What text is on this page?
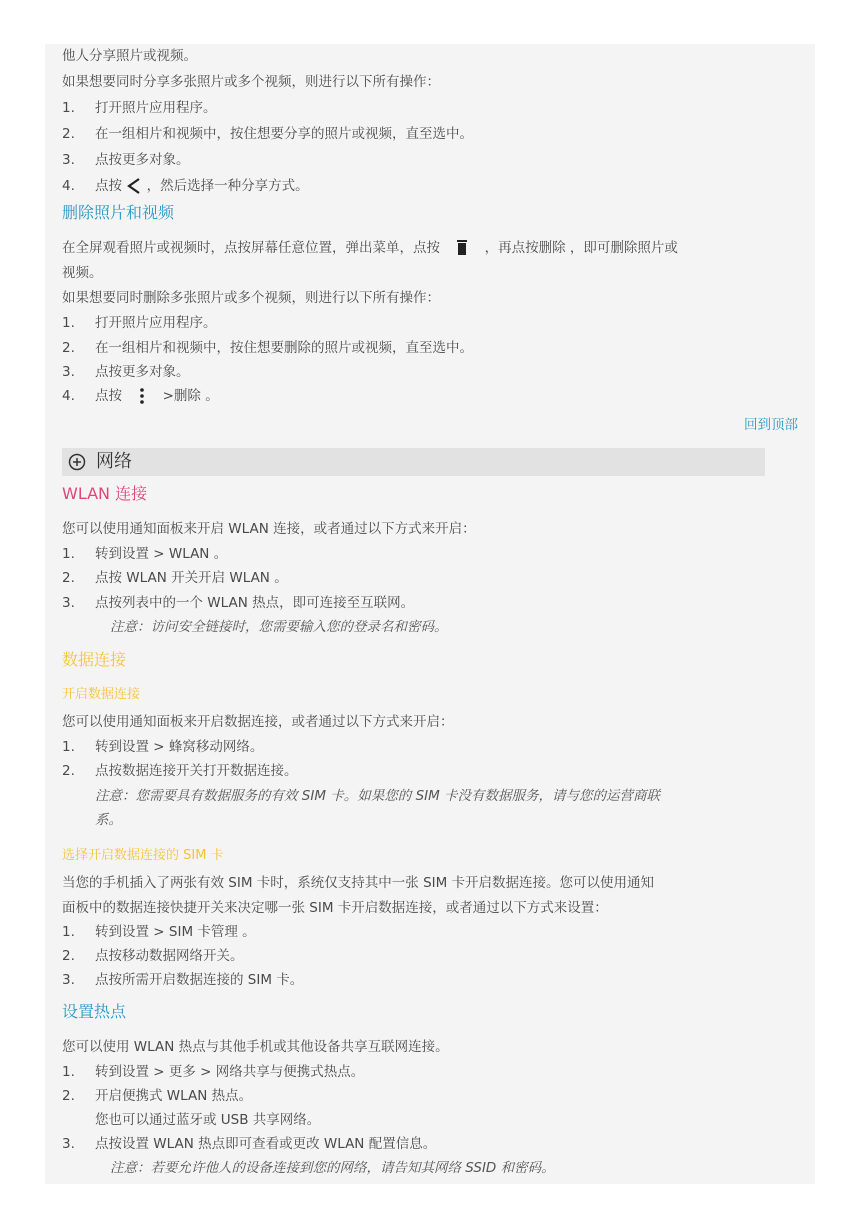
他人分享照片或视频。
如果想要同时分享多张照片或多个视频，则进行以下所有操作：
1. 打开照片应用程序。
2. 在一组相片和视频中，按住想要分享的照片或视频，直至选中。
3. 点按更多对象。
4. 点按 ，然后选择一种分享方式。
删除照片和视频
在全屏观看照片或视频时，点按屏幕任意位置，弹出菜单，点按	，再点按删除 ，即可删除照片或
视频。
如果想要同时删除多张照片或多个视频，则进行以下所有操作：
1. 打开照片应用程序。
2. 在一组相片和视频中，按住想要删除的照片或视频，直至选中。
3. 点按更多对象。
4. 点按	>删除 。
回到顶部
网络
WLAN 连接
您可以使用通知面板来开启 WLAN 连接，或者通过以下方式来开启：
1. 转到设置 > WLAN 。
2. 点按 WLAN 开关开启 WLAN 。
3. 点按列表中的一个 WLAN 热点，即可连接至互联网。
注意：访问安全链接时，您需要输入您的登录名和密码。
数据连接
开启数据连接
您可以使用通知面板来开启数据连接，或者通过以下方式来开启：
1. 转到设置 > 蜂窝移动网络。
2. 点按数据连接开关打开数据连接。
注意：您需要具有数据服务的有效 SIM 卡。如果您的 SIM 卡没有数据服务，请与您的运营商联
系。
选择开启数据连接的 SIM 卡
当您的手机插入了两张有效 SIM 卡时，系统仅支持其中一张 SIM 卡开启数据连接。您可以使用通知
面板中的数据连接快捷开关来决定哪一张 SIM 卡开启数据连接，或者通过以下方式来设置：
1. 转到设置 > SIM 卡管理 。
2. 点按移动数据网络开关。
3. 点按所需开启数据连接的 SIM 卡。
设置热点
您可以使用 WLAN 热点与其他手机或其他设备共享互联网连接。
1. 转到设置 > 更多 > 网络共享与便携式热点。
2. 开启便携式 WLAN 热点。
您也可以通过蓝牙或 USB 共享网络。
3. 点按设置 WLAN 热点即可查看或更改 WLAN 配置信息。
注意：若要允许他人的设备连接到您的网络，请告知其网络 SSID 和密码。
